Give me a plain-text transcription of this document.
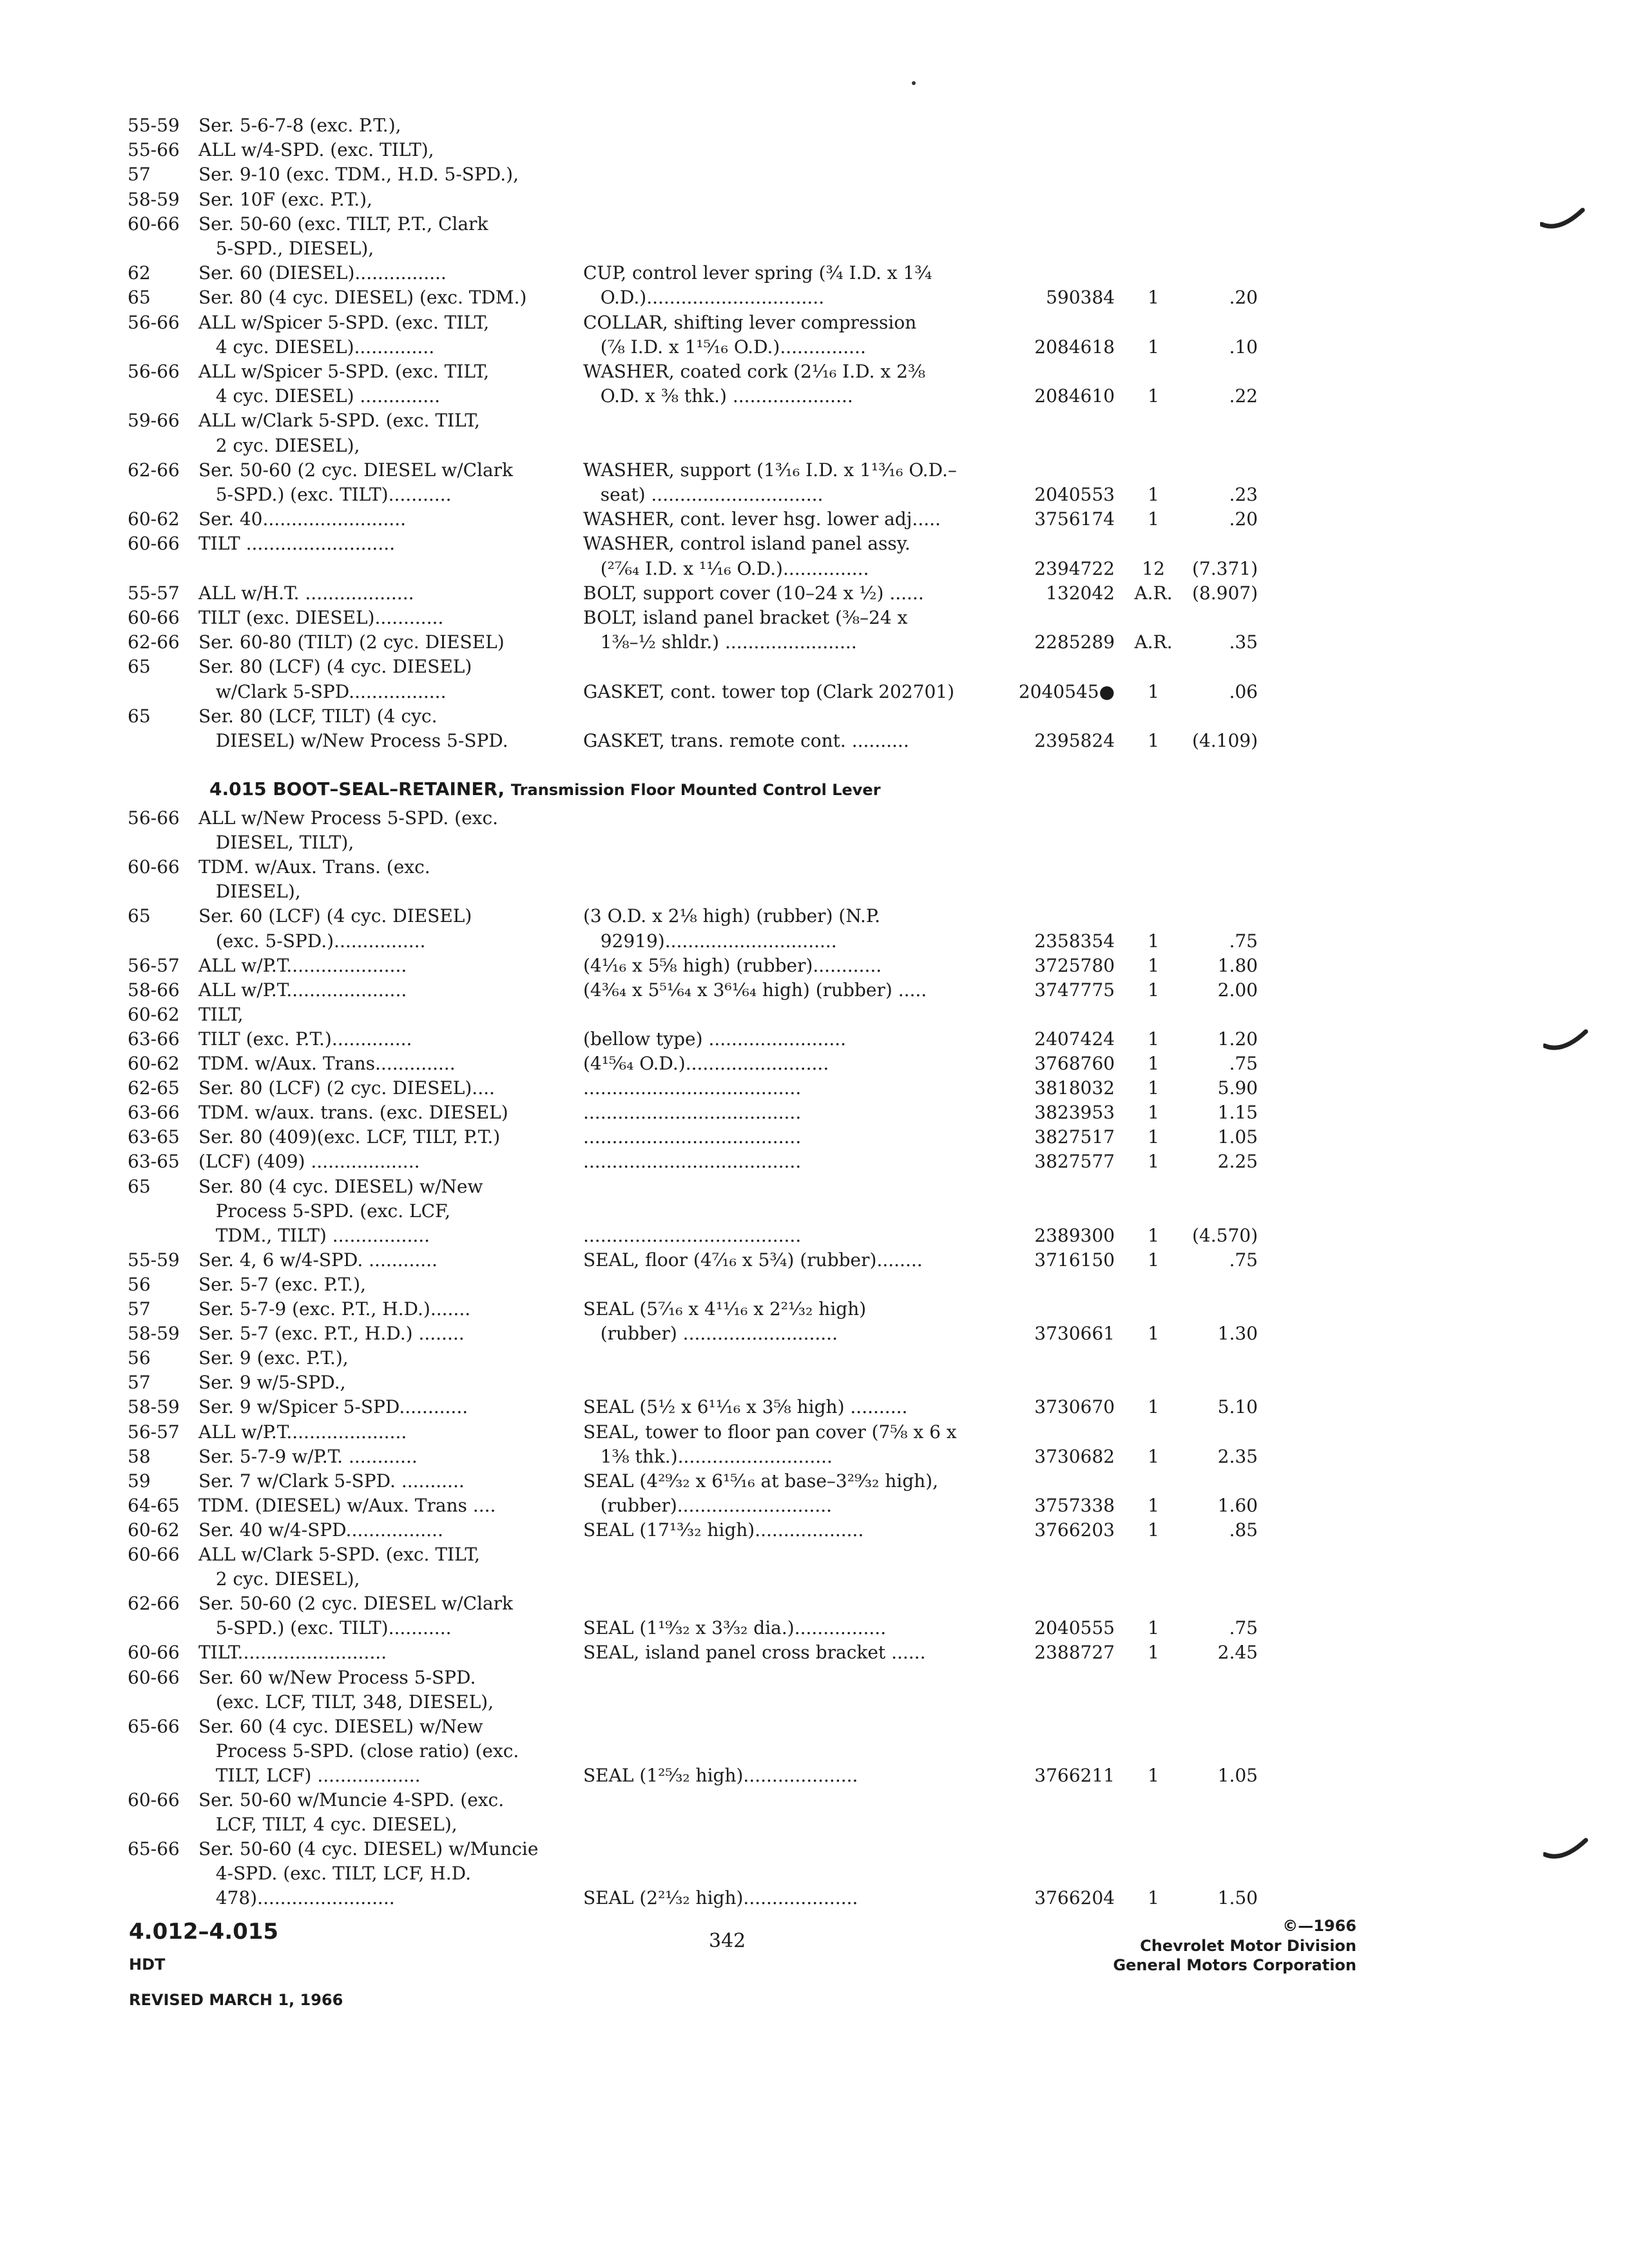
55-59 Ser. 5-6-7-8 (exc. P.T.),
55-66 ALL w/4-SPD. (exc. TILT),
57	Ser. 9-10 (exc. TDM., H.D. 5-SPD.),
58-59 Ser. 10F (exc. P.T.),
60-66 Ser. 50-60 (exc. TILT, P.T., Clark
5-SPD., DIESEL),
62	Ser. 60 (DIESEL)................	CUP, control lever spring (¾ I.D. x 1¾
65	Ser. 80 (4 cyc. DIESEL) (exc. TDM.)	O.D.)...............................	590384	1	.20
56-66 ALL w/Spicer 5-SPD. (exc. TILT,	COLLAR, shifting lever compression
4 cyc. DIESEL)..............	(⅞ I.D. x 1¹⁵⁄₁₆ O.D.)...............	2084618	1	.10
56-66 ALL w/Spicer 5-SPD. (exc. TILT,	WASHER, coated cork (2¹⁄₁₆ I.D. x 2⅜
4 cyc. DIESEL) ..............	O.D. x ⅜ thk.) .....................	2084610	1	.22
59-66 ALL w/Clark 5-SPD. (exc. TILT,
2 cyc. DIESEL),
62-66 Ser. 50-60 (2 cyc. DIESEL w/Clark	WASHER, support (1³⁄₁₆ I.D. x 1¹³⁄₁₆ O.D.–
5-SPD.) (exc. TILT)...........	seat) ..............................	2040553	1	.23
60-62 Ser. 40.........................	WASHER, cont. lever hsg. lower adj.....	3756174	1	.20
60-66 TILT ..........................	WASHER, control island panel assy.
(²⁷⁄₆₄ I.D. x ¹¹⁄₁₆ O.D.)...............	2394722	12	(7.371)
55-57 ALL w/H.T. ...................	BOLT, support cover (10–24 x ½) ......	132042 A.R.	(8.907)
60-66 TILT (exc. DIESEL)............	BOLT, island panel bracket (⅜–24 x
62-66 Ser. 60-80 (TILT) (2 cyc. DIESEL)	1⅜–½ shldr.) .......................	2285289 A.R.	.35
65	Ser. 80 (LCF) (4 cyc. DIESEL)
w/Clark 5-SPD.................	GASKET, cont. tower top (Clark 202701)	2040545●	1	.06
65	Ser. 80 (LCF, TILT) (4 cyc.
DIESEL) w/New Process 5-SPD.	GASKET, trans. remote cont. ..........	2395824	1	(4.109)
4.015 BOOT–SEAL–RETAINER, Transmission Floor Mounted Control Lever
56-66 ALL w/New Process 5-SPD. (exc.
DIESEL, TILT),
60-66 TDM. w/Aux. Trans. (exc.
DIESEL),
65	Ser. 60 (LCF) (4 cyc. DIESEL)	(3 O.D. x 2⅛ high) (rubber) (N.P.
(exc. 5-SPD.)................	92919)..............................	2358354	1	.75
56-57 ALL w/P.T.....................	(4¹⁄₁₆ x 5⅝ high) (rubber)............	3725780	1	1.80
58-66 ALL w/P.T.....................	(4³⁄₆₄ x 5⁵¹⁄₆₄ x 3⁶¹⁄₆₄ high) (rubber) .....	3747775	1	2.00
60-62 TILT,
63-66 TILT (exc. P.T.)..............	(bellow type) ........................	2407424	1	1.20
60-62 TDM. w/Aux. Trans..............	(4¹⁵⁄₆₄ O.D.).........................	3768760	1	.75
62-65 Ser. 80 (LCF) (2 cyc. DIESEL)....	......................................	3818032	1	5.90
63-66 TDM. w/aux. trans. (exc. DIESEL)	......................................	3823953	1	1.15
63-65 Ser. 80 (409)(exc. LCF, TILT, P.T.)	......................................	3827517	1	1.05
63-65 (LCF) (409) ...................	......................................	3827577	1	2.25
65	Ser. 80 (4 cyc. DIESEL) w/New
Process 5-SPD. (exc. LCF,
TDM., TILT) .................	......................................	2389300	1	(4.570)
55-59 Ser. 4, 6 w/4-SPD. ............	SEAL, floor (4⁷⁄₁₆ x 5¾) (rubber)........	3716150	1	.75
56	Ser. 5-7 (exc. P.T.),
57	Ser. 5-7-9 (exc. P.T., H.D.).......	SEAL (5⁷⁄₁₆ x 4¹¹⁄₁₆ x 2²¹⁄₃₂ high)
58-59 Ser. 5-7 (exc. P.T., H.D.) ........	(rubber) ...........................	3730661	1	1.30
56	Ser. 9 (exc. P.T.),
57	Ser. 9 w/5-SPD.,
58-59 Ser. 9 w/Spicer 5-SPD............	SEAL (5½ x 6¹¹⁄₁₆ x 3⅝ high) ..........	3730670	1	5.10
56-57 ALL w/P.T.....................	SEAL, tower to floor pan cover (7⅝ x 6 x
58	Ser. 5-7-9 w/P.T. ............	1⅜ thk.)...........................	3730682	1	2.35
59	Ser. 7 w/Clark 5-SPD. ...........	SEAL (4²⁹⁄₃₂ x 6¹⁵⁄₁₆ at base–3²⁹⁄₃₂ high),
64-65 TDM. (DIESEL) w/Aux. Trans ....	(rubber)...........................	3757338	1	1.60
60-62 Ser. 40 w/4-SPD.................	SEAL (17¹³⁄₃₂ high)...................	3766203	1	.85
60-66 ALL w/Clark 5-SPD. (exc. TILT,
2 cyc. DIESEL),
62-66 Ser. 50-60 (2 cyc. DIESEL w/Clark
5-SPD.) (exc. TILT)...........	SEAL (1¹⁹⁄₃₂ x 3³⁄₃₂ dia.)................	2040555	1	.75
60-66 TILT..........................	SEAL, island panel cross bracket ......	2388727	1	2.45
60-66 Ser. 60 w/New Process 5-SPD.
(exc. LCF, TILT, 348, DIESEL),
65-66 Ser. 60 (4 cyc. DIESEL) w/New
Process 5-SPD. (close ratio) (exc.
TILT, LCF) ..................	SEAL (1²⁵⁄₃₂ high)....................	3766211	1	1.05
60-66 Ser. 50-60 w/Muncie 4-SPD. (exc.
LCF, TILT, 4 cyc. DIESEL),
65-66 Ser. 50-60 (4 cyc. DIESEL) w/Muncie
4-SPD. (exc. TILT, LCF, H.D.
478)........................	SEAL (2²¹⁄₃₂ high)....................	3766204	1	1.50
4.012–4.015	342
HDT
REVISED MARCH 1, 1966
©—1966
Chevrolet Motor Division
General Motors Corporation
